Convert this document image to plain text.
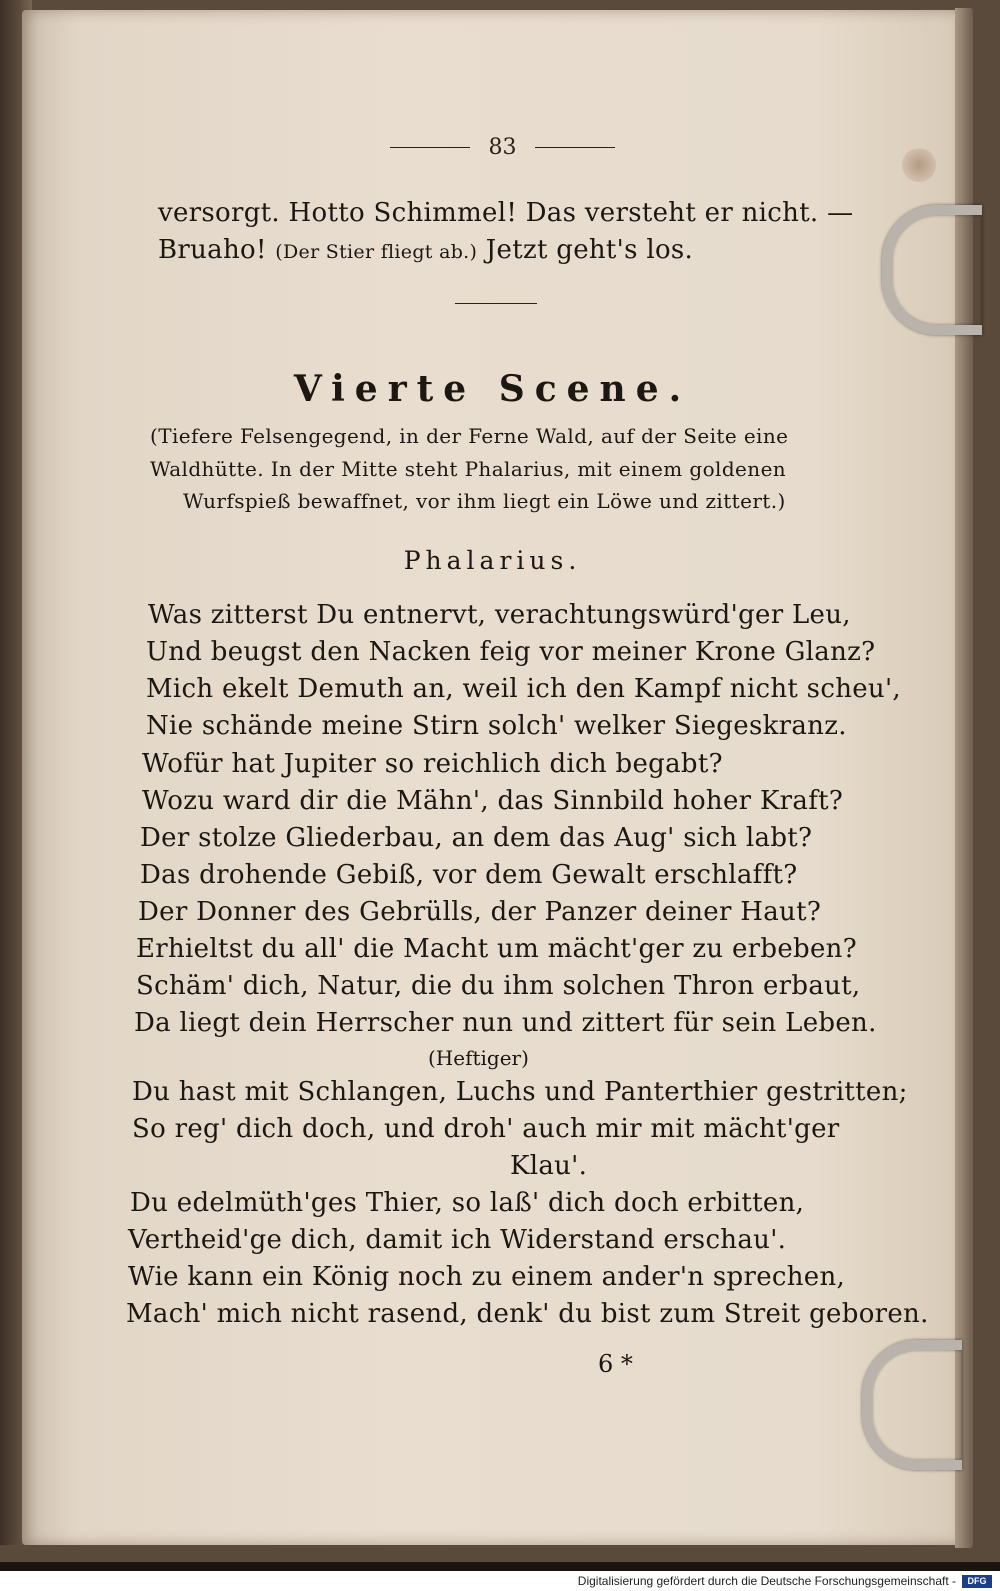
83
versorgt. Hotto Schimmel! Das versteht er nicht. —
Bruaho! (Der Stier fliegt ab.) Jetzt geht's los.
Vierte Scene.
(Tiefere Felsengegend, in der Ferne Wald, auf der Seite eine
Waldhütte. In der Mitte steht Phalarius, mit einem goldenen
Wurfspieß bewaffnet, vor ihm liegt ein Löwe und zittert.)
Phalarius.
Was zitterst Du entnervt, verachtungswürd'ger Leu,
Und beugst den Nacken feig vor meiner Krone Glanz?
Mich ekelt Demuth an, weil ich den Kampf nicht scheu',
Nie schände meine Stirn solch' welker Siegeskranz.
Wofür hat Jupiter so reichlich dich begabt?
Wozu ward dir die Mähn', das Sinnbild hoher Kraft?
Der stolze Gliederbau, an dem das Aug' sich labt?
Das drohende Gebiß, vor dem Gewalt erschlafft?
Der Donner des Gebrülls, der Panzer deiner Haut?
Erhieltst du all' die Macht um mächt'ger zu erbeben?
Schäm' dich, Natur, die du ihm solchen Thron erbaut,
Da liegt dein Herrscher nun und zittert für sein Leben.
(Heftiger)
Du hast mit Schlangen, Luchs und Panterthier gestritten;
So reg' dich doch, und droh' auch mir mit mächt'ger
Klau'.
Du edelmüth'ges Thier, so laß' dich doch erbitten,
Vertheid'ge dich, damit ich Widerstand erschau'.
Wie kann ein König noch zu einem ander'n sprechen,
Mach' mich nicht rasend, denk' du bist zum Streit geboren.
6 *
Digitalisierung gefördert durch die Deutsche Forschungsgemeinschaft -	DFG
